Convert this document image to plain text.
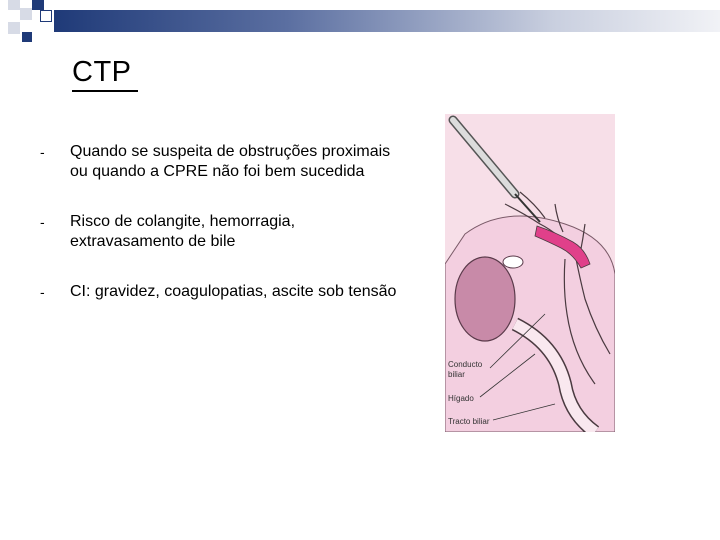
CTP
- Quando se suspeita de obstruções proximais ou quando a CPRE não foi bem sucedida
- Risco de colangite, hemorragia, extravasamento de bile
- CI: gravidez, coagulopatias, ascite sob tensão
Conducto
biliar
Hígado
Tracto biliar
